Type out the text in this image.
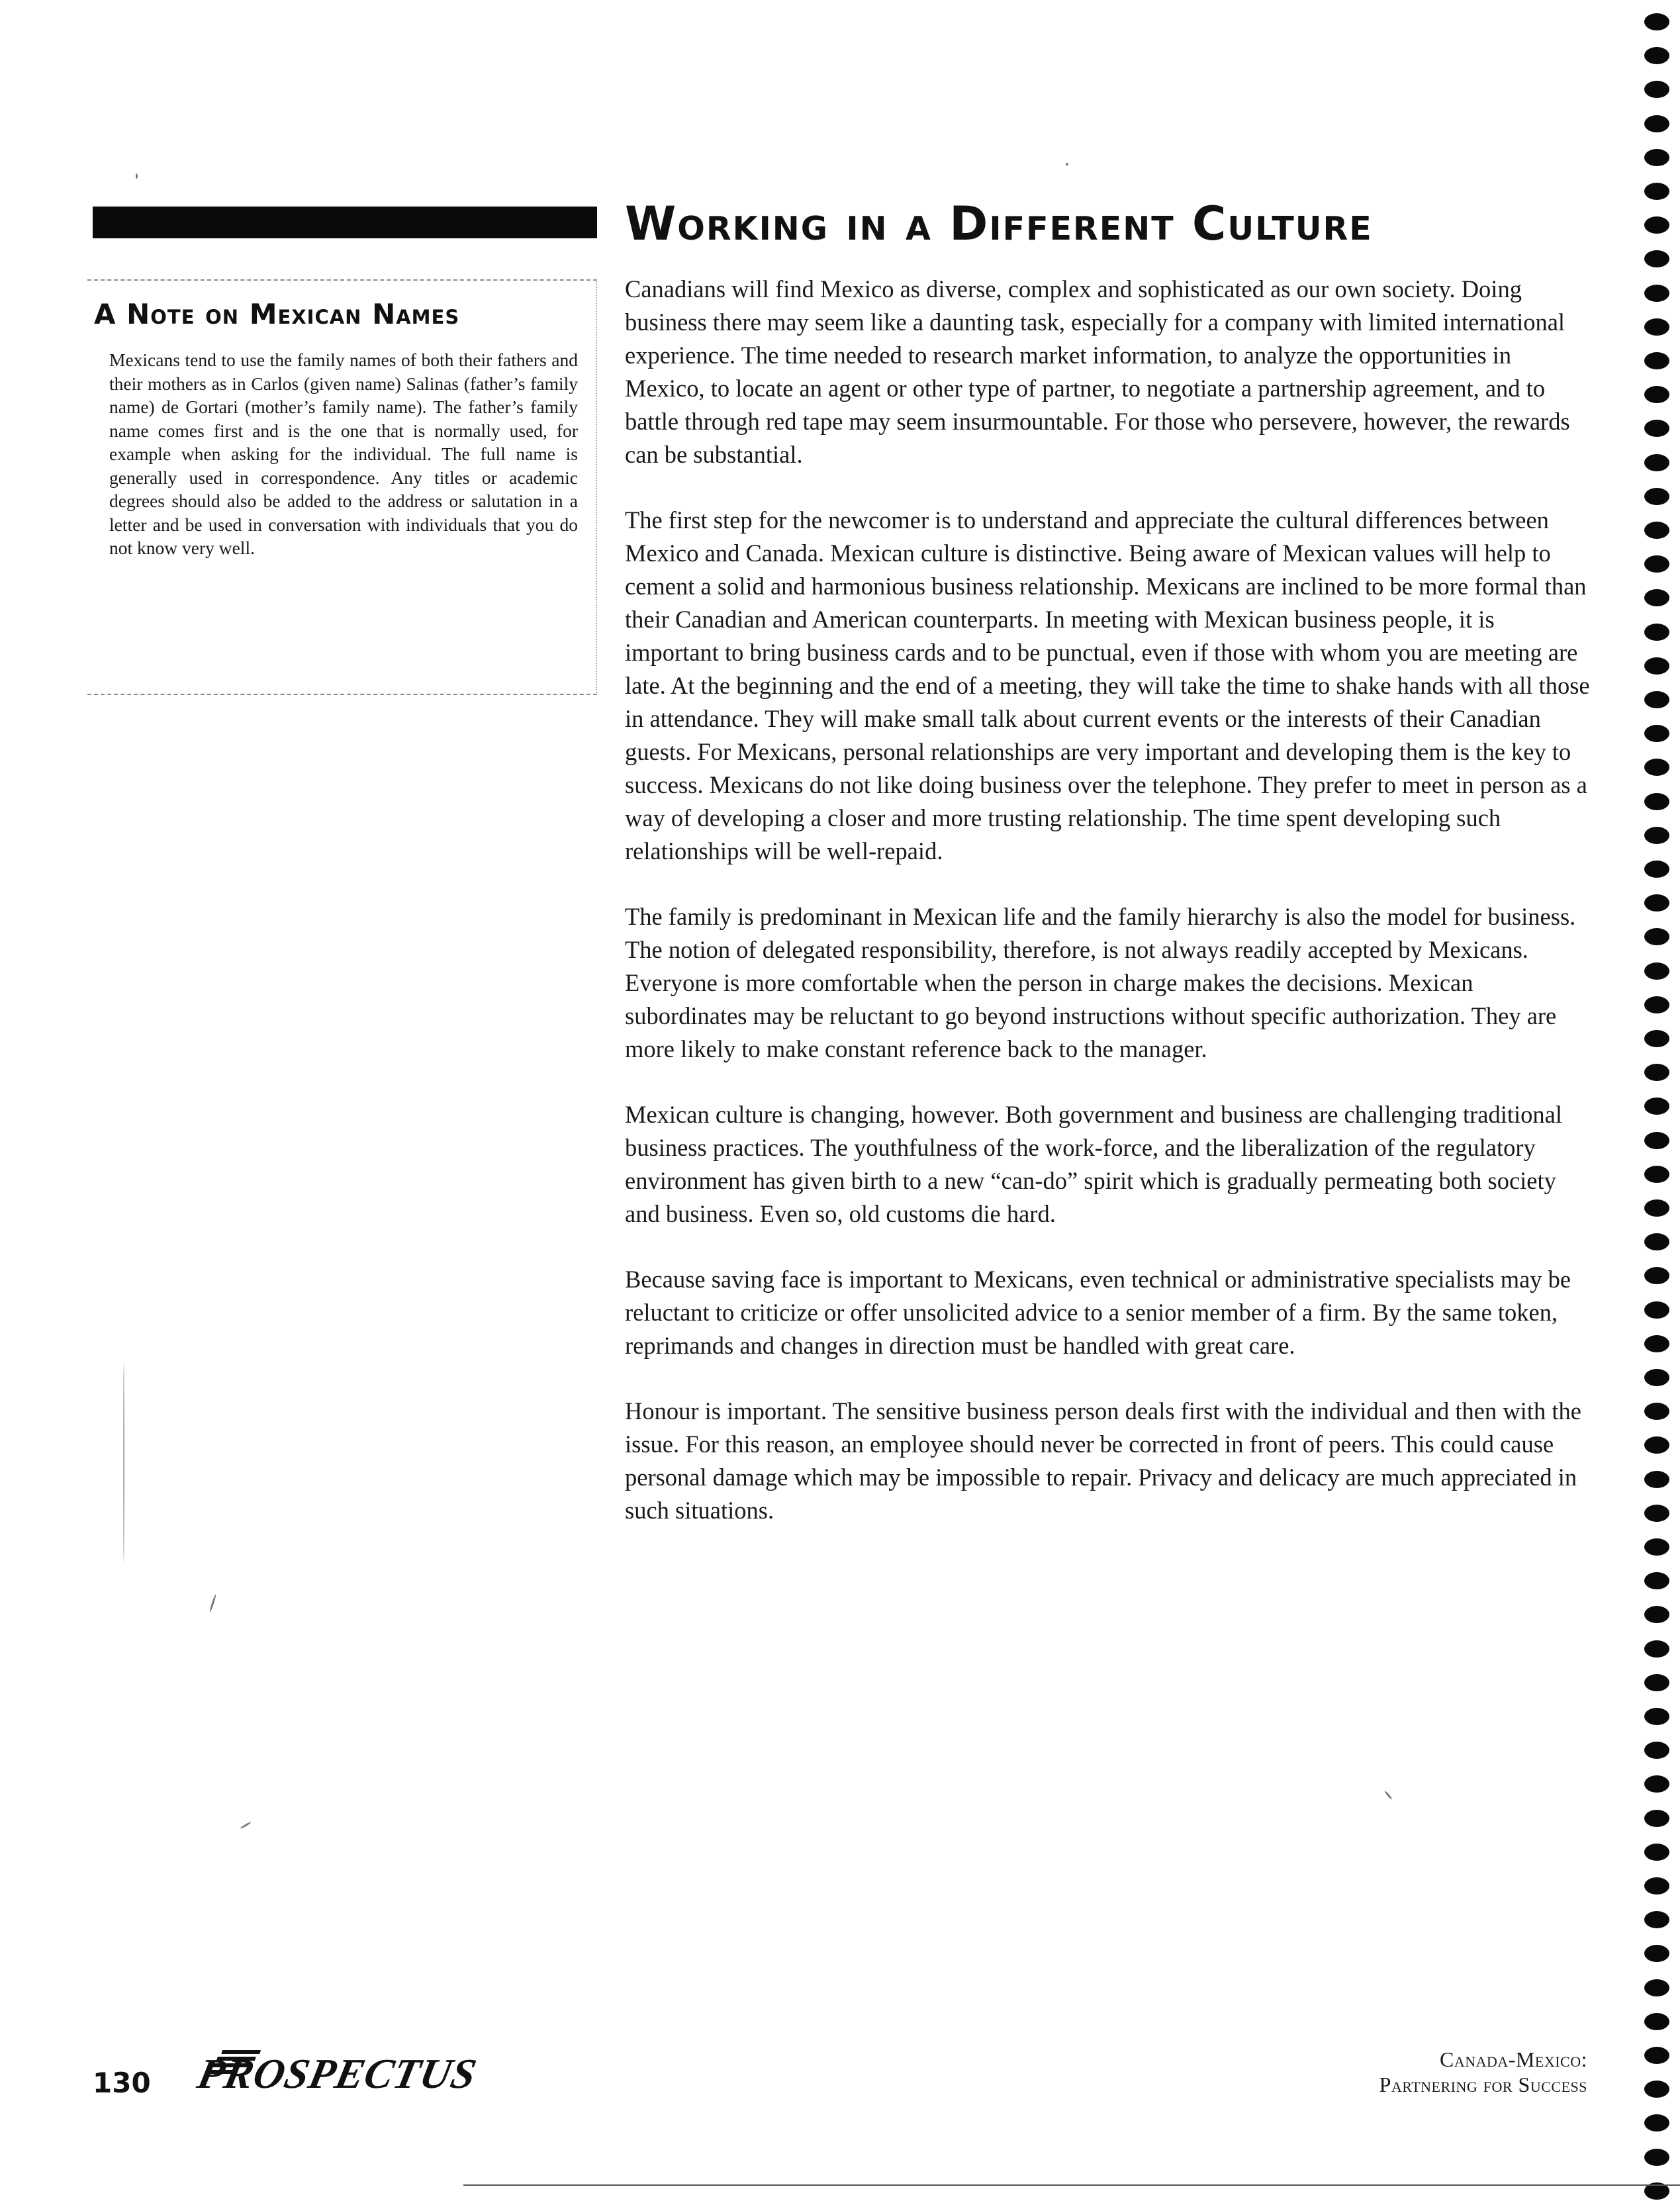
A Note on Mexican Names
Mexicans tend to use the family names of both their fathers and their mothers as in Carlos (given name) Salinas (father’s family name) de Gortari (mother’s family name). The father’s family name comes first and is the one that is normally used, for example when asking for the individual. The full name is generally used in correspondence. Any titles or academic degrees should also be added to the address or salutation in a letter and be used in conversation with individuals that you do not know very well.
Working in a Different Culture

Canadians will find Mexico as diverse, complex and sophisticated as our own society. Doing business there may seem like a daunting task, especially for a company with limited international experience. The time needed to research market information, to analyze the opportunities in Mexico, to locate an agent or other type of partner, to negotiate a partnership agreement, and to battle through red tape may seem insurmountable. For those who persevere, however, the rewards can be substantial.

The first step for the newcomer is to understand and appreciate the cultural differences between Mexico and Canada. Mexican culture is distinctive. Being aware of Mexican values will help to cement a solid and harmonious business relationship. Mexicans are inclined to be more formal than their Canadian and American counterparts. In meeting with Mexican business people, it is important to bring business cards and to be punctual, even if those with whom you are meeting are late. At the beginning and the end of a meeting, they will take the time to shake hands with all those in attendance. They will make small talk about current events or the interests of their Canadian guests. For Mexicans, personal relationships are very important and developing them is the key to success. Mexicans do not like doing business over the telephone. They prefer to meet in person as a way of developing a closer and more trusting relationship. The time spent developing such relationships will be well-repaid.

The family is predominant in Mexican life and the family hierarchy is also the model for business. The notion of delegated responsibility, therefore, is not always readily accepted by Mexicans. Everyone is more comfortable when the person in charge makes the decisions. Mexican subordinates may be reluctant to go beyond instructions without specific authorization. They are more likely to make constant reference back to the manager.

Mexican culture is changing, however. Both government and business are challenging traditional business practices. The youthfulness of the work-force, and the liberalization of the regulatory environment has given birth to a new “can-do” spirit which is gradually permeating both society and business. Even so, old customs die hard.

Because saving face is important to Mexicans, even technical or administrative specialists may be reluctant to criticize or offer unsolicited advice to a senior member of a firm. By the same token, reprimands and changes in direction must be handled with great care.

Honour is important. The sensitive business person deals first with the individual and then with the issue. For this reason, an employee should never be corrected in front of peers. This could cause personal damage which may be impossible to repair. Privacy and delicacy are much appreciated in such situations.

130 PROSPECTUS	Canada-Mexico:
Partnering for Success
